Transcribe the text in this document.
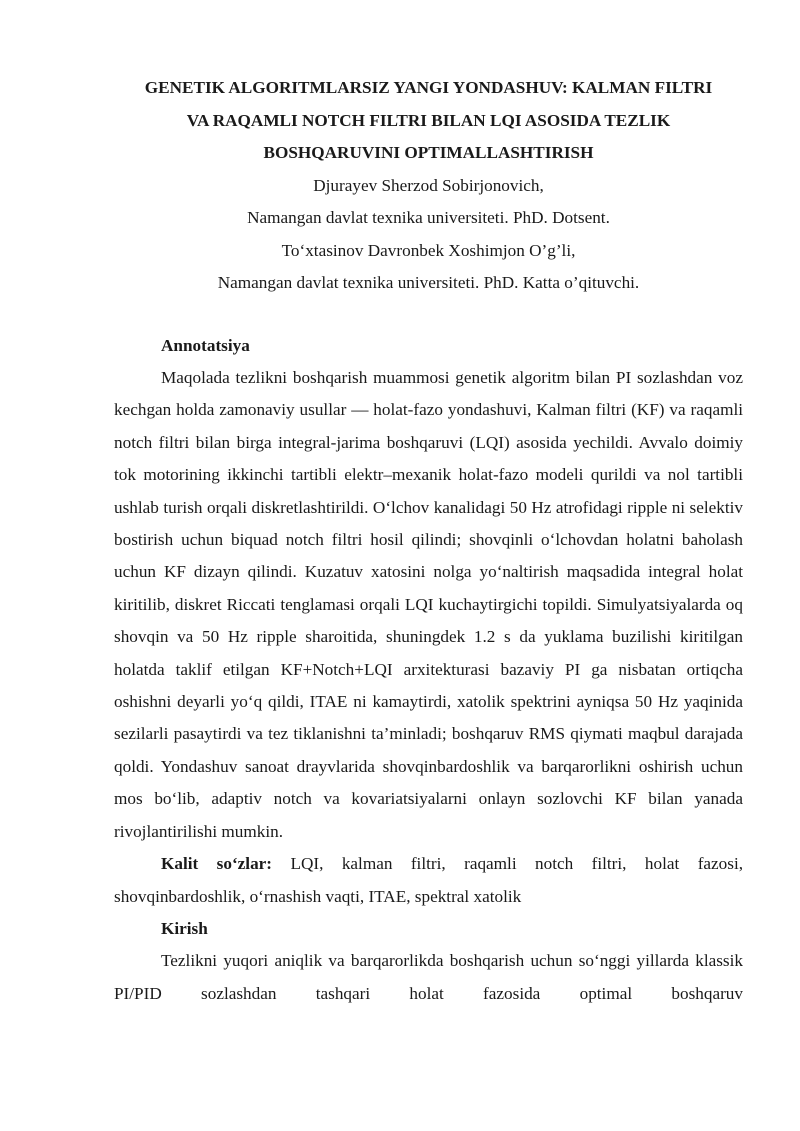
GENETIK ALGORITMLARSIZ YANGI YONDASHUV: KALMAN FILTRI
VA RAQAMLI NOTCH FILTRI BILAN LQI ASOSIDA TEZLIK
BOSHQARUVINI OPTIMALLASHTIRISH
Djurayev Sherzod Sobirjonovich,
Namangan davlat texnika universiteti. PhD. Dotsent.
To‘xtasinov Davronbek Xoshimjon O’g’li,
Namangan davlat texnika universiteti. PhD. Katta o’qituvchi.
Annotatsiya

Maqolada tezlikni boshqarish muammosi genetik algoritm bilan PI sozlashdan voz kechgan holda zamonaviy usullar — holat-fazo yondashuvi, Kalman filtri (KF) va raqamli notch filtri bilan birga integral-jarima boshqaruvi (LQI) asosida yechildi. Avvalo doimiy tok motorining ikkinchi tartibli elektr–mexanik holat-fazo modeli qurildi va nol tartibli ushlab turish orqali diskretlashtirildi. O‘lchov kanalidagi 50 Hz atrofidagi ripple ni selektiv bostirish uchun biquad notch filtri hosil qilindi; shovqinli o‘lchovdan holatni baholash uchun KF dizayn qilindi. Kuzatuv xatosini nolga yo‘naltirish maqsadida integral holat kiritilib, diskret Riccati tenglamasi orqali LQI kuchaytirgichi topildi. Simulyatsiyalarda oq shovqin va 50 Hz ripple sharoitida, shuningdek 1.2 s da yuklama buzilishi kiritilgan holatda taklif etilgan KF+Notch+LQI arxitekturasi bazaviy PI ga nisbatan ortiqcha oshishni deyarli yo‘q qildi, ITAE ni kamaytirdi, xatolik spektrini ayniqsa 50 Hz yaqinida sezilarli pasaytirdi va tez tiklanishni ta’minladi; boshqaruv RMS qiymati maqbul darajada qoldi. Yondashuv sanoat drayvlarida shovqinbardoshlik va barqarorlikni oshirish uchun mos bo‘lib, adaptiv notch va kovariatsiyalarni onlayn sozlovchi KF bilan yanada rivojlantirilishi mumkin.

Kalit so‘zlar: LQI, kalman filtri, raqamli notch filtri, holat fazosi, shovqinbardoshlik, o‘rnashish vaqti, ITAE, spektral xatolik

Kirish

Tezlikni yuqori aniqlik va barqarorlikda boshqarish uchun so‘nggi yillarda klassik PI/PID sozlashdan tashqari holat fazosida optimal boshqaruv
